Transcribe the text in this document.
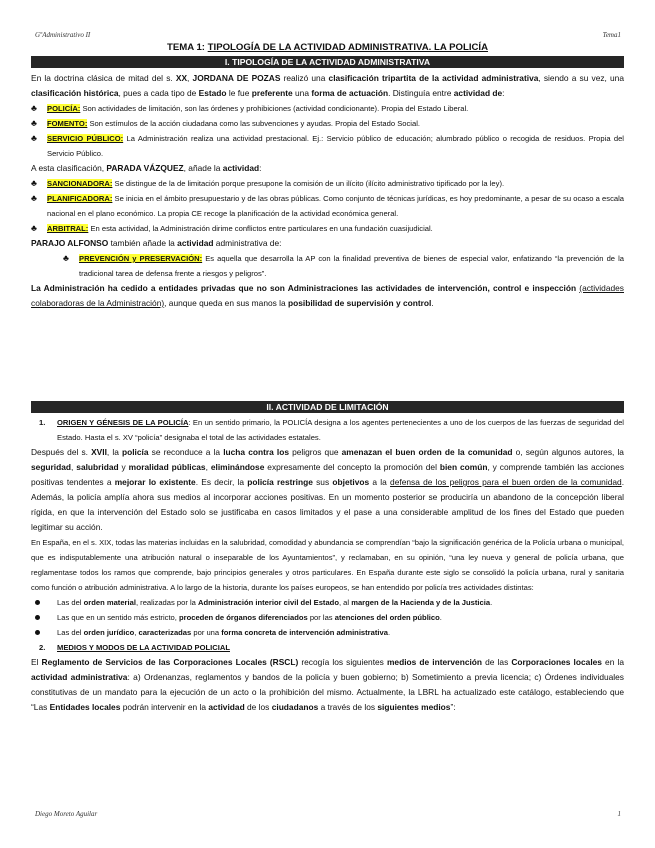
GºAdministrativo II	Tema1
TEMA 1: TIPOLOGÍA DE LA ACTIVIDAD ADMINISTRATIVA. LA POLICÍA
I. TIPOLOGÍA DE LA ACTIVIDAD ADMINISTRATIVA

En la doctrina clásica de mitad del s. XX, JORDANA DE POZAS realizó una clasificación tripartita de la actividad administrativa, siendo a su vez, una clasificación histórica, pues a cada tipo de Estado le fue preferente una forma de actuación. Distinguía entre actividad de:

♣ POLICÍA: Son actividades de limitación, son las órdenes y prohibiciones (actividad condicionante). Propia del Estado Liberal.

♣ FOMENTO: Son estímulos de la acción ciudadana como las subvenciones y ayudas. Propia del Estado Social.

♣ SERVICIO PÚBLICO: La Administración realiza una actividad prestacional. Ej.: Servicio público de educación; alumbrado público o recogida de residuos. Propia del Servicio Público.

A esta clasificación, PARADA VÁZQUEZ, añade la actividad:

♣ SANCIONADORA: Se distingue de la de limitación porque presupone la comisión de un ilícito (ilícito administrativo tipificado por la ley).

♣ PLANIFICADORA: Se inicia en el ámbito presupuestario y de las obras públicas. Como conjunto de técnicas jurídicas, es hoy predominante, a pesar de su ocaso a escala nacional en el plano económico. La propia CE recoge la planificación de la actividad económica general.

♣ ARBITRAL: En esta actividad, la Administración dirime conflictos entre particulares en una fundación cuasijudicial.

PARAJO ALFONSO también añade la actividad administrativa de:

♣ PREVENCIÓN y PRESERVACIÓN: Es aquella que desarrolla la AP con la finalidad preventiva de bienes de especial valor, enfatizando “la prevención de la tradicional tarea de defensa frente a riesgos y peligros”.

La Administración ha cedido a entidades privadas que no son Administraciones las actividades de intervención, control e inspección (actividades colaboradoras de la Administración), aunque queda en sus manos la posibilidad de supervisión y control.

II. ACTIVIDAD DE LIMITACIÓN

1. ORIGEN Y GÉNESIS DE LA POLICÍA: En un sentido primario, la POLICÍA designa a los agentes pertenecientes a uno de los cuerpos de las fuerzas de seguridad del Estado. Hasta el s. XV “policía” designaba el total de las actividades estatales.

Después del s. XVII, la policía se reconduce a la lucha contra los peligros que amenazan el buen orden de la comunidad o, según algunos autores, la seguridad, salubridad y moralidad públicas, eliminándose expresamente del concepto la promoción del bien común, y comprende también las acciones positivas tendentes a mejorar lo existente. Es decir, la policía restringe sus objetivos a la defensa de los peligros para el buen orden de la comunidad. Además, la policía amplía ahora sus medios al incorporar acciones positivas. En un momento posterior se produciría un abandono de la concepción liberal rígida, en que la intervención del Estado solo se justificaba en casos limitados y el pase a una considerable amplitud de los fines del Estado que pueden legitimar su acción.

En España, en el s. XIX, todas las materias incluidas en la salubridad, comodidad y abundancia se comprendían “bajo la significación genérica de la Policía urbana o municipal, que es indisputablemente una atribución natural o inseparable de los Ayuntamientos”, y reclamaban, en su opinión, “una ley nueva y general de policía urbana, que reglamentase todos los ramos que comprende, bajo principios generales y otros particulares. En España durante este siglo se consolidó la policía urbana, rural y sanitaria como función o atribución administrativa. A lo largo de la historia, durante los países europeos, se han entendido por policía tres actividades distintas:

Las del orden material, realizadas por la Administración interior civil del Estado, al margen de la Hacienda y de la Justicia.

Las que en un sentido más estricto, proceden de órganos diferenciados por las atenciones del orden público.

Las del orden jurídico, caracterizadas por una forma concreta de intervención administrativa.

2. MEDIOS Y MODOS DE LA ACTIVIDAD POLICIAL

El Reglamento de Servicios de las Corporaciones Locales (RSCL) recogía los siguientes medios de intervención de las Corporaciones locales en la actividad administrativa: a) Ordenanzas, reglamentos y bandos de la policía y buen gobierno; b) Sometimiento a previa licencia; c) Órdenes individuales constitutivas de un mandato para la ejecución de un acto o la prohibición del mismo. Actualmente, la LBRL ha actualizado este catálogo, estableciendo que “Las Entidades locales podrán intervenir en la actividad de los ciudadanos a través de los siguientes medios”:

Diego Moreto Aguilar	1
